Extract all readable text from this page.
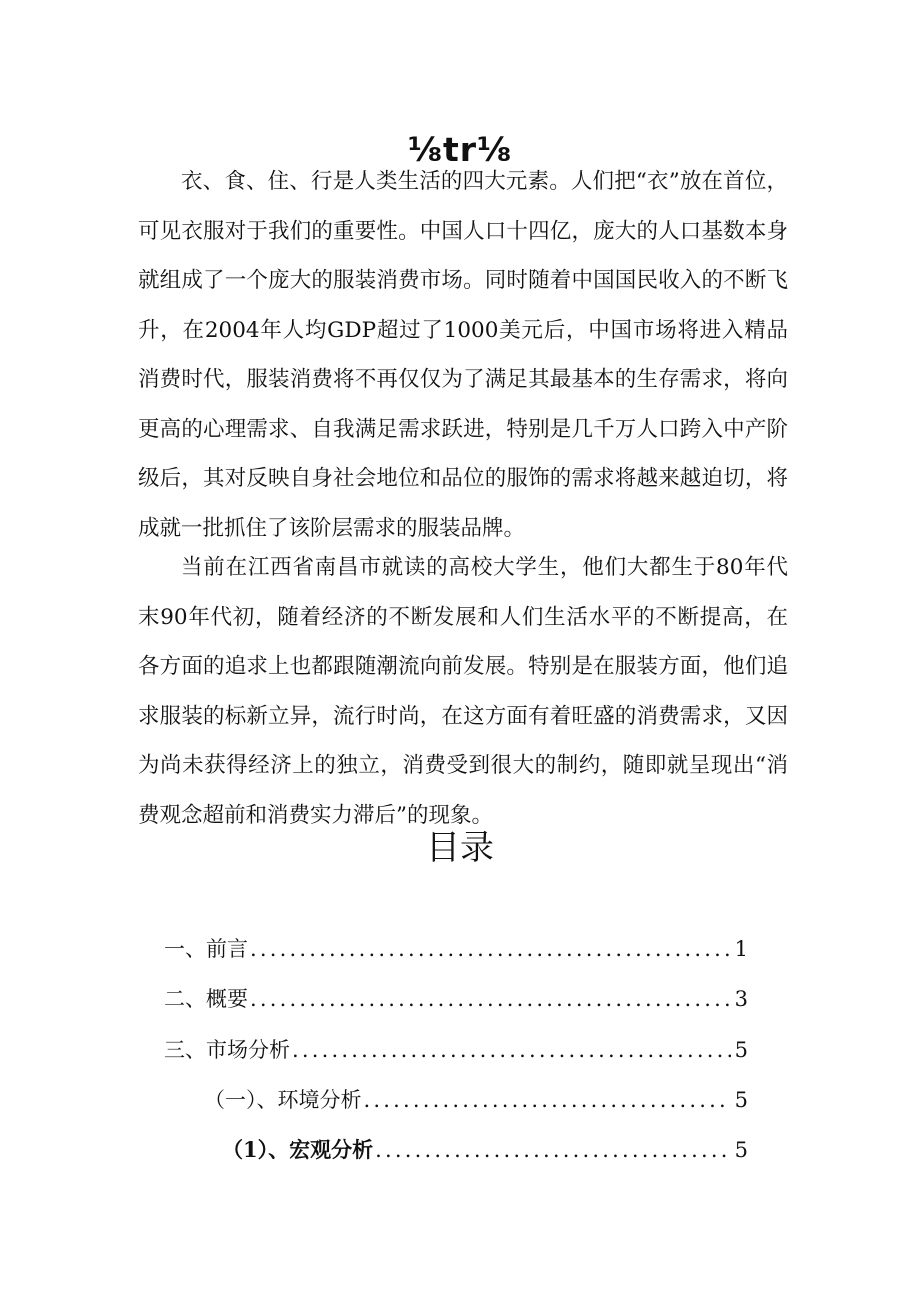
⅛tr⅛

衣、食、住、行是人类生活的四大元素。人们把“衣”放在首位，可见衣服对于我们的重要性。中国人口十四亿，庞大的人口基数本身就组成了一个庞大的服装消费市场。同时随着中国国民收入的不断飞升，在2004年人均GDP超过了1000美元后，中国市场将进入精品消费时代，服装消费将不再仅仅为了满足其最基本的生存需求，将向更高的心理需求、自我满足需求跃进，特别是几千万人口跨入中产阶级后，其对反映自身社会地位和品位的服饰的需求将越来越迫切，将成就一批抓住了该阶层需求的服装品牌。

当前在江西省南昌市就读的高校大学生，他们大都生于80年代末90年代初，随着经济的不断发展和人们生活水平的不断提高，在各方面的追求上也都跟随潮流向前发展。特别是在服装方面，他们追求服装的标新立异，流行时尚，在这方面有着旺盛的消费需求，又因为尚未获得经济上的独立，消费受到很大的制约，随即就呈现出“消费观念超前和消费实力滞后”的现象。

目录
一、前言 .....	1
二、概要 .....	3
三、市场分析 .....	5
（一）、环境分析 .....	5
（1）、宏观分析 .....	5
